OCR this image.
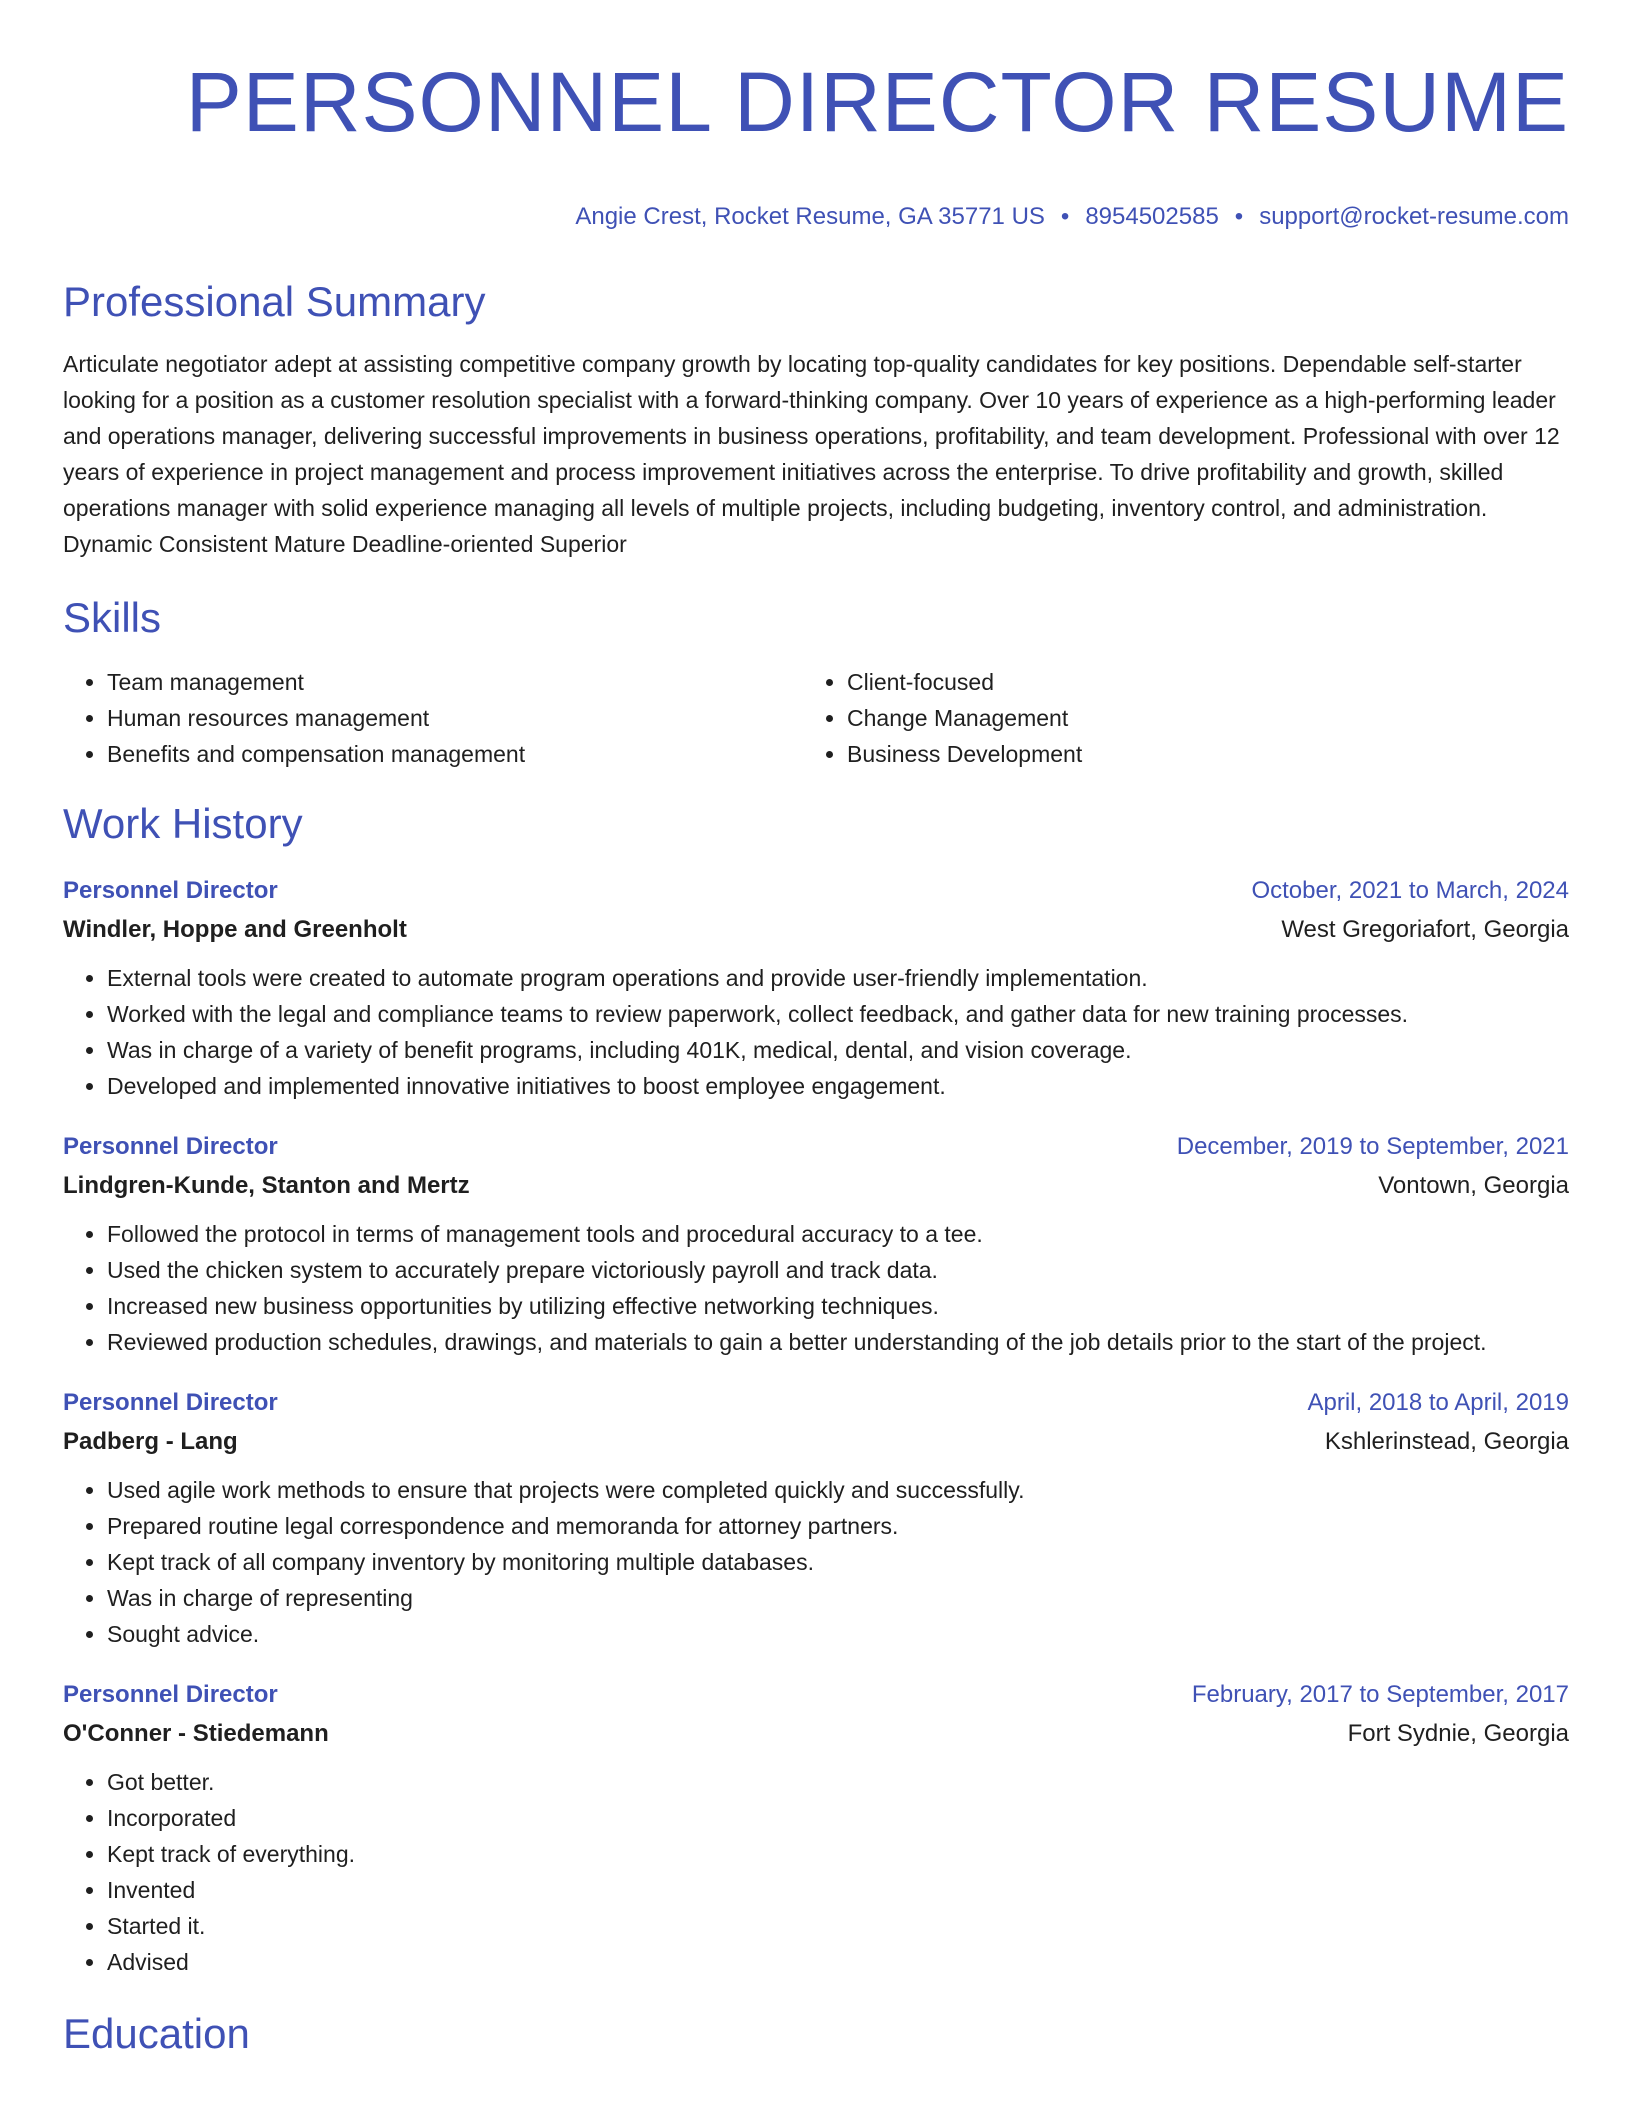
PERSONNEL DIRECTOR RESUME
Angie Crest, Rocket Resume, GA 35771 US • 8954502585 • support@rocket-resume.com
Professional Summary
Articulate negotiator adept at assisting competitive company growth by locating top-quality candidates for key positions. Dependable self-starter looking for a position as a customer resolution specialist with a forward-thinking company. Over 10 years of experience as a high-performing leader and operations manager, delivering successful improvements in business operations, profitability, and team development. Professional with over 12 years of experience in project management and process improvement initiatives across the enterprise. To drive profitability and growth, skilled operations manager with solid experience managing all levels of multiple projects, including budgeting, inventory control, and administration. Dynamic Consistent Mature Deadline-oriented Superior
Skills
• Team management
• Human resources management
• Benefits and compensation management
• Client-focused
• Change Management
• Business Development
Work History
Personnel Director	October, 2021 to March, 2024
Windler, Hoppe and Greenholt	West Gregoriafort, Georgia
• External tools were created to automate program operations and provide user-friendly implementation.
• Worked with the legal and compliance teams to review paperwork, collect feedback, and gather data for new training processes.
• Was in charge of a variety of benefit programs, including 401K, medical, dental, and vision coverage.
• Developed and implemented innovative initiatives to boost employee engagement.
Personnel Director	December, 2019 to September, 2021
Lindgren-Kunde, Stanton and Mertz	Vontown, Georgia
• Followed the protocol in terms of management tools and procedural accuracy to a tee.
• Used the chicken system to accurately prepare victoriously payroll and track data.
• Increased new business opportunities by utilizing effective networking techniques.
• Reviewed production schedules, drawings, and materials to gain a better understanding of the job details prior to the start of the project.
Personnel Director	April, 2018 to April, 2019
Padberg - Lang	Kshlerinstead, Georgia
• Used agile work methods to ensure that projects were completed quickly and successfully.
• Prepared routine legal correspondence and memoranda for attorney partners.
• Kept track of all company inventory by monitoring multiple databases.
• Was in charge of representing
• Sought advice.
Personnel Director	February, 2017 to September, 2017
O'Conner - Stiedemann	Fort Sydnie, Georgia
• Got better.
• Incorporated
• Kept track of everything.
• Invented
• Started it.
• Advised
Education
